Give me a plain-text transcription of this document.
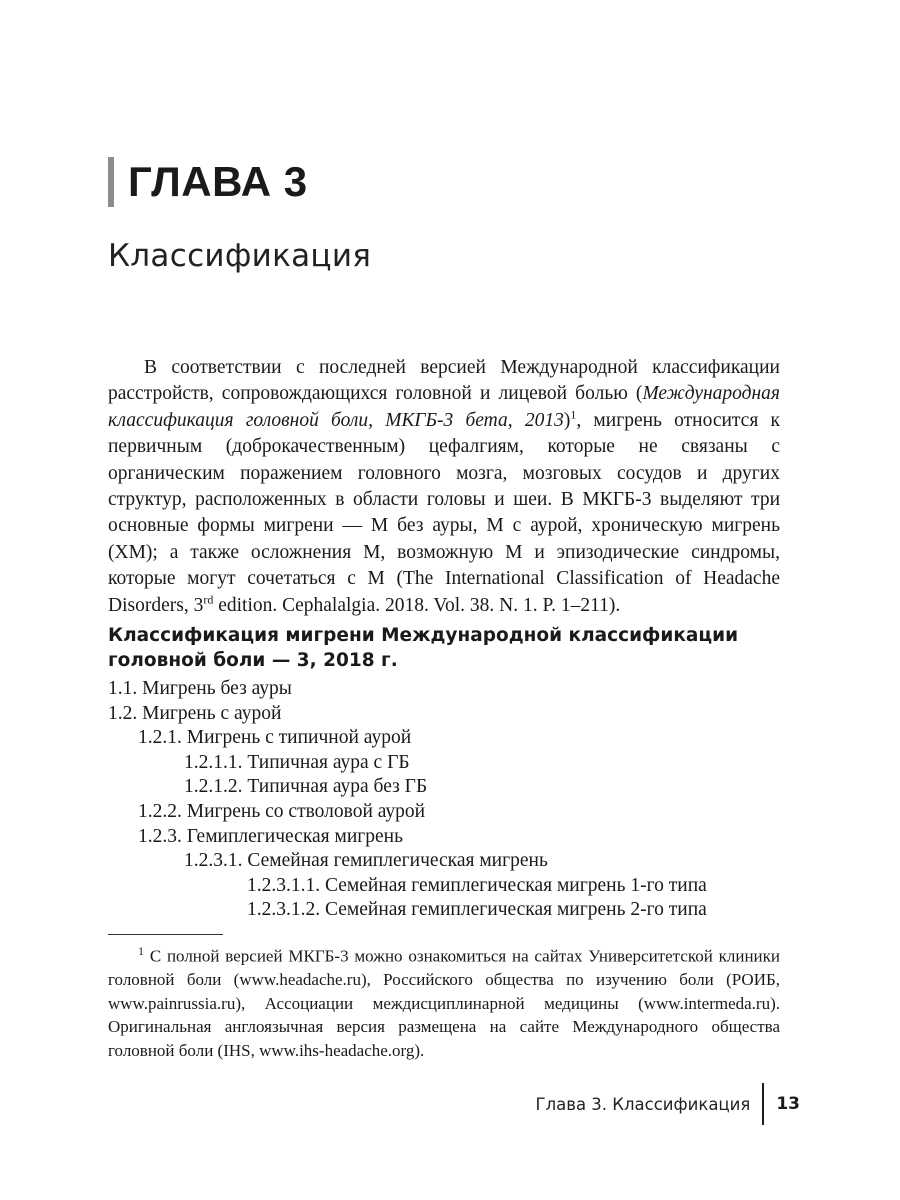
ГЛАВА 3
Классификация

В соответствии с последней версией Международной классификации расстройств, сопровождающихся головной и лицевой болью (Международная классификация головной боли, МКГБ-3 бета, 2013)$^1$, мигрень относится к первичным (доброкачественным) цефалгиям, которые не связаны с органическим поражением головного мозга, мозговых сосудов и других структур, расположенных в области головы и шеи. В МКГБ-3 выделяют три основные формы мигрени — М без ауры, М с аурой, хроническую мигрень (ХМ); а также осложнения М, возможную М и эпизодические синдромы, которые могут сочетаться с М (The International Classification of Headache Disorders, 3rd edition. Cephalalgia. 2018. Vol. 38. N. 1. P. 1–211).

Классификация мигрени Международной классификации головной боли — 3, 2018 г.
1.1. Мигрень без ауры
1.2. Мигрень с аурой
1.2.1. Мигрень с типичной аурой
1.2.1.1. Типичная аура с ГБ
1.2.1.2. Типичная аура без ГБ
1.2.2. Мигрень со стволовой аурой
1.2.3. Гемиплегическая мигрень
1.2.3.1. Семейная гемиплегическая мигрень
1.2.3.1.1. Семейная гемиплегическая мигрень 1-го типа
1.2.3.1.2. Семейная гемиплегическая мигрень 2-го типа

$^1$ С полной версией МКГБ-3 можно ознакомиться на сайтах Университетской клиники головной боли (www.headache.ru), Российского общества по изучению боли (РОИБ, www.painrussia.ru), Ассоциации междисциплинарной медицины (www.intermeda.ru). Оригинальная англоязычная версия размещена на сайте Международного общества головной боли (IHS, www.ihs-headache.org).

Глава 3. Классификация 13
